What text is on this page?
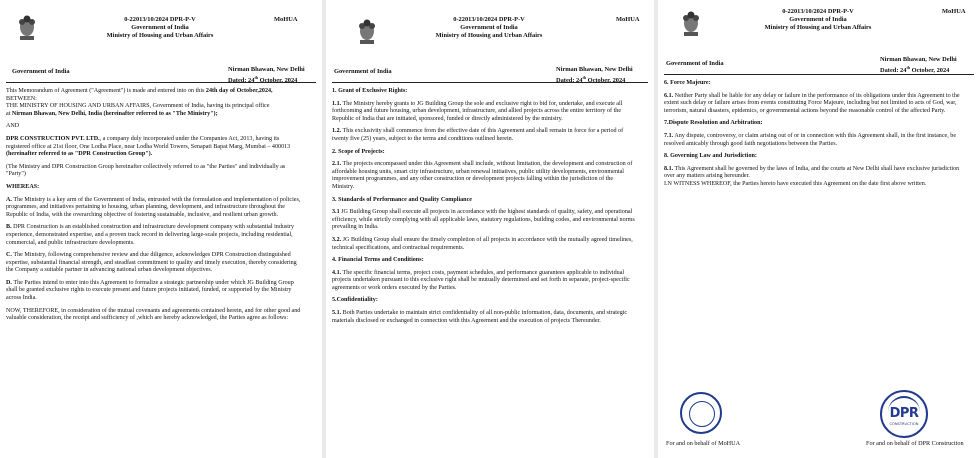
Government of India
0-22013/10/2024 DPR-P-V
Government of India
Ministry of Housing and Urban Affairs
MoHUA
Nirman Bhawan, New Delhi
Dated: 24th October, 2024

This Memorandum of Agreement ("Agreement") is made and entered into on this 24th day of October,2024,
BETWEEN:
THE MINISTRY OF HOUSING AND URBAN AFFAIRS, Government of India, having its principal office
at Nirman Bhawan, New Delhi, India (hereinafter referred to as "The Ministry");

AND

DPR CONSTRUCTION PVT. LTD., a company duly incorporated under the Companies Act, 2013, having its
registered office at 21st floor, One Lodha Place, near Lodha World Towers, Senapati Bapat Marg, Mumbai – 400013 (hereinafter referred to as "DPR Construction Group").

(The Ministry and DPR Construction Group hereinafter collectively referred to as "the Parties" and individually as "Party")

WHEREAS:

A. The Ministry is a key arm of the Government of India, entrusted with the formulation and implementation of policies, programmes, and initiatives pertaining to housing, urban planning, development, and infrastructure throughout the Republic of India, with the overarching objective of fostering sustainable, inclusive, and resilient urban growth.

B. DPR Construction is an established construction and infrastructure development company with substantial industry experience, demonstrated expertise, and a proven track record in delivering large-scale projects, including residential, commercial, and public infrastructure developments.

C. The Ministry, following comprehensive review and due diligence, acknowledges DPR Construction distinguished expertise, substantial financial strength, and steadfast commitment to quality and timely execution, thereby considering the Company a suitable partner in advancing national urban development objectives.

D. The Parties intend to enter into this Agreement to formalize a strategic partnership under which JG Building Group shall be granted exclusive rights to execute present and future projects initiated, funded, or supported by the Ministry across India.

NOW, THEREFORE, in consideration of the mutual covenants and agreements contained herein, and for other good and valuable consideration, the receipt and sufficiency of ,which are hereby acknowledged, the Parties agree as follows:

Government of India
0-22013/10/2024 DPR-P-V
Government of India
Ministry of Housing and Urban Affairs
MoHUA
Nirman Bhawan, New Delhi
Dated: 24th October, 2024

1. Grant of Exclusive Rights:

1.1. The Ministry hereby grants to JG Building Group the sole and exclusive right to bid for, undertake, and execute all forthcoming and future housing, urban development, infrastructure, and allied projects across the entire territory of the Republic of India that are initiated, sponsored, funded or directly administered by the ministry.

1.2. This exclusivity shall commence from the effective date of this Agreement and shall remain in force for a period of twenty five (25) years, subject to the terms and conditions outlined herein.

2. Scope of Projects:

2.1. The projects encompassed under this Agreement shall include, without limitation, the development and construction of affordable housing units, smart city infrastructure, urban renewal initiatives, public utility developments, environmental improvement programmes, and any other construction or development projects falling within the jurisdiction of the Ministry.

3. Standards of Performance and Quality Compliance

3.1 JG Building Group shall execute all projects in accordance with the highest standards of quality, safety, and operational efficiency, while strictly complying with all applicable laws, statutory regulations, building codes, and environmental norms prevailing in India.

3.2. JG Building Group shall ensure the timely completion of all projects in accordance with the mutually agreed timelines, technical specifications, and contractual requirements.

4. Financial Terms and Conditions:

4.1. The specific financial terms, project costs, payment schedules, and performance guarantees applicable to individual projects undertaken pursuant to this exclusive right shall be mutually determined and set forth in separate, project-specific agreements or work orders executed by the Parties.

5.Confidentiality:

5.1. Both Parties undertake to maintain strict confidentiality of all non-public information, data, documents, and strategic materials disclosed or exchanged in connection with this Agreement and the execution of projects Thereunder.

Government of India
0-22013/10/2024 DPR-P-V
Government of India
Ministry of Housing and Urban Affairs
MoHUA
Nirman Bhawan, New Delhi
Dated: 24th October, 2024

6. Force Majeure:

6.1. Neither Party shall be liable for any delay or failure in the performance of its obligations under this Agreement to the extent such delay or failure arises from events constituting Force Majeure, including but not limited to acts of God, war, terrorism, natural disasters, epidemics, or governmental actions beyond the reasonable control of the affected Party.

7.Dispute Resolution and Arbitration:

7.1. Any dispute, controversy, or claim arising out of or in connection with this Agreement shall, in the first instance, be resolved amicably through good faith negotiations between the Parties.

8. Governing Law and Jurisdiction:

8.1. This Agreement shall be governed by the laws of India, and the courts at New Delhi shall have exclusive jurisdiction over any matters arising hereunder.
I.N WITNESS WHEREOF, the Parties hereto have executed this Agreement on the date first above written.

DPR
CONSTRUCTION
For and on behalf of MoHUA	For and on behalf of DPR Construction
